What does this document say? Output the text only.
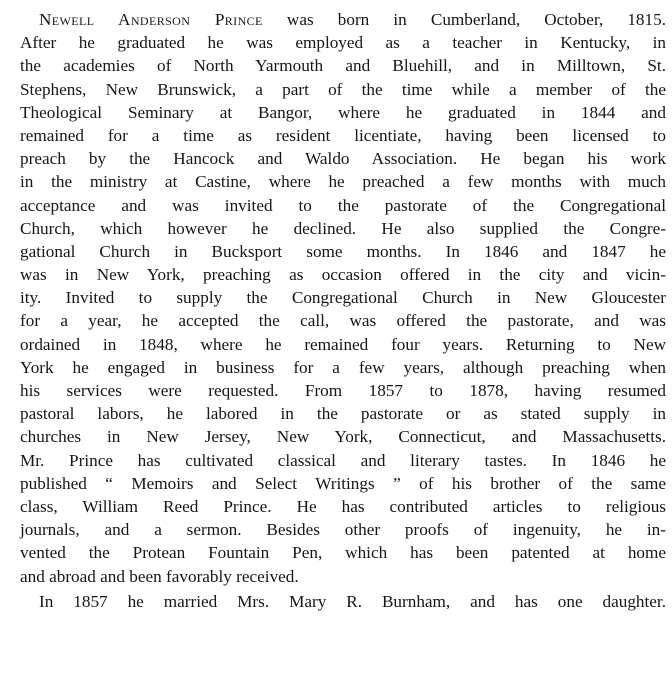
Newell Anderson Prince was born in Cumberland, October, 1815.
After he graduated he was employed as a teacher in Kentucky, in
the academies of North Yarmouth and Bluehill, and in Milltown, St.
Stephens, New Brunswick, a part of the time while a member of the
Theological Seminary at Bangor, where he graduated in 1844 and
remained for a time as resident licentiate, having been licensed to
preach by the Hancock and Waldo Association. He began his work
in the ministry at Castine, where he preached a few months with much
acceptance and was invited to the pastorate of the Congregational
Church, which however he declined. He also supplied the Congre-
gational Church in Bucksport some months. In 1846 and 1847 he
was in New York, preaching as occasion offered in the city and vicin-
ity. Invited to supply the Congregational Church in New Gloucester
for a year, he accepted the call, was offered the pastorate, and was
ordained in 1848, where he remained four years. Returning to New
York he engaged in business for a few years, although preaching when
his services were requested. From 1857 to 1878, having resumed
pastoral labors, he labored in the pastorate or as stated supply in
churches in New Jersey, New York, Connecticut, and Massachusetts.
Mr. Prince has cultivated classical and literary tastes. In 1846 he
published “ Memoirs and Select Writings ” of his brother of the same
class, William Reed Prince. He has contributed articles to religious
journals, and a sermon. Besides other proofs of ingenuity, he in-
vented the Protean Fountain Pen, which has been patented at home
and abroad and been favorably received.
In 1857 he married Mrs. Mary R. Burnham, and has one daughter.
